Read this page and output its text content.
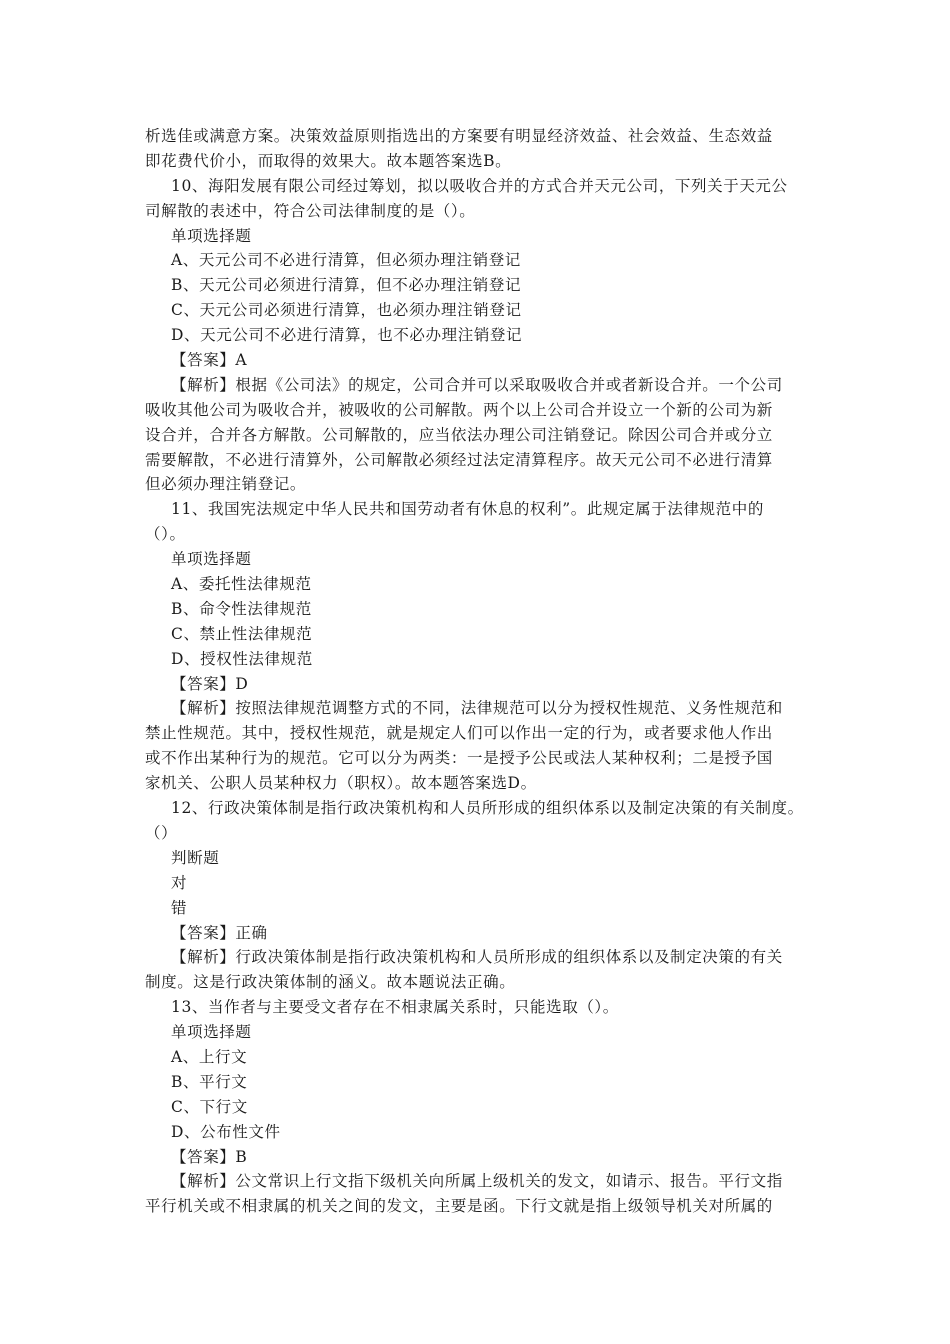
析选佳或满意方案。决策效益原则指选出的方案要有明显经济效益、社会效益、生态效益
即花费代价小，而取得的效果大。故本题答案选B。
10、海阳发展有限公司经过筹划，拟以吸收合并的方式合并天元公司，下列关于天元公
司解散的表述中，符合公司法律制度的是（）。
单项选择题
A、天元公司不必进行清算，但必须办理注销登记
B、天元公司必须进行清算，但不必办理注销登记
C、天元公司必须进行清算，也必须办理注销登记
D、天元公司不必进行清算，也不必办理注销登记
【答案】A
【解析】根据《公司法》的规定，公司合并可以采取吸收合并或者新设合并。一个公司
吸收其他公司为吸收合并，被吸收的公司解散。两个以上公司合并设立一个新的公司为新
设合并，合并各方解散。公司解散的，应当依法办理公司注销登记。除因公司合并或分立
需要解散，不必进行清算外，公司解散必须经过法定清算程序。故天元公司不必进行清算
但必须办理注销登记。
11、我国宪法规定中华人民共和国劳动者有休息的权利”。此规定属于法律规范中的
（）。
单项选择题
A、委托性法律规范
B、命令性法律规范
C、禁止性法律规范
D、授权性法律规范
【答案】D
【解析】按照法律规范调整方式的不同，法律规范可以分为授权性规范、义务性规范和
禁止性规范。其中，授权性规范，就是规定人们可以作出一定的行为，或者要求他人作出
或不作出某种行为的规范。它可以分为两类：一是授予公民或法人某种权利；二是授予国
家机关、公职人员某种权力（职权）。故本题答案选D。
12、行政决策体制是指行政决策机构和人员所形成的组织体系以及制定决策的有关制度。
（）
判断题
对
错
【答案】正确
【解析】行政决策体制是指行政决策机构和人员所形成的组织体系以及制定决策的有关
制度。这是行政决策体制的涵义。故本题说法正确。
13、当作者与主要受文者存在不相隶属关系时，只能选取（）。
单项选择题
A、上行文
B、平行文
C、下行文
D、公布性文件
【答案】B
【解析】公文常识上行文指下级机关向所属上级机关的发文，如请示、报告。平行文指
平行机关或不相隶属的机关之间的发文，主要是函。下行文就是指上级领导机关对所属的
